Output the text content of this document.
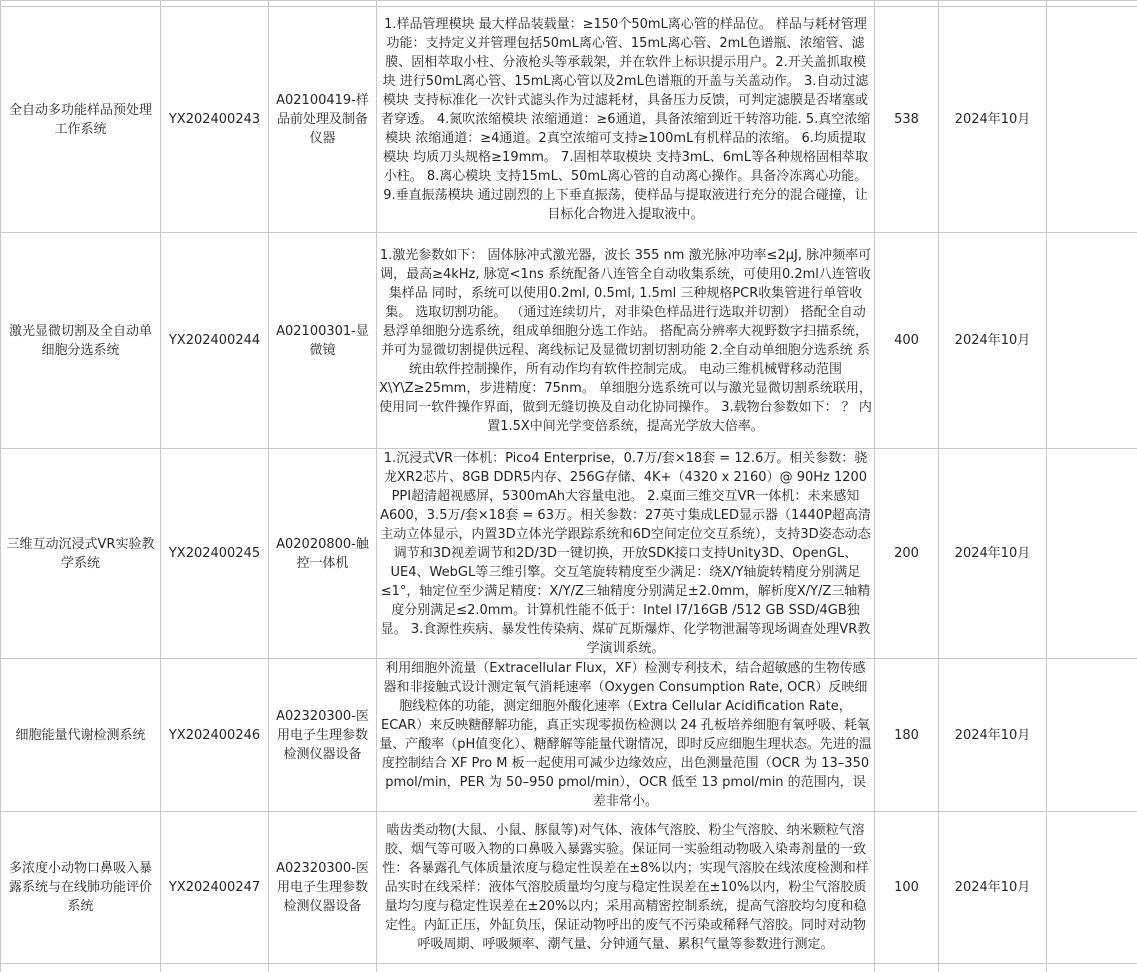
全自动多功能样品预处理工作系统	YX202400243	A02100419-样品前处理及制备仪器	1.样品管理模块 最大样品装载量：≥150个50mL离心管的样品位。 样品与耗材管理功能：支持定义并管理包括50mL离心管、15mL离心管、2mL色谱瓶、浓缩管、滤膜、固相萃取小柱、分液枪头等承载架，并在软件上标识提示用户。2.开关盖抓取模块 进行50mL离心管、15mL离心管以及2mL色谱瓶的开盖与关盖动作。 3.自动过滤模块 支持标准化一次针式滤头作为过滤耗材，具备压力反馈，可判定滤膜是否堵塞或者穿透。 4.氮吹浓缩模块 浓缩通道：≥6通道，具备浓缩到近干转溶功能. 5.真空浓缩模块 浓缩通道：≥4通道。2真空浓缩可支持≥100mL有机样品的浓缩。 6.均质提取模块 均质刀头规格≥19mm。 7.固相萃取模块 支持3mL、6mL等各种规格固相萃取小柱。 8.离心模块 支持15mL、50mL离心管的自动离心操作。具备冷冻离心功能。 9.垂直振荡模块 通过剧烈的上下垂直振荡，使样品与提取液进行充分的混合碰撞，让目标化合物进入提取液中。	538	2024年10月	
激光显微切割及全自动单细胞分选系统	YX202400244	A02100301-显微镜	1.激光参数如下： 固体脉冲式激光器，波长 355 nm 激光脉冲功率≤2μJ, 脉冲频率可调，最高≥4kHz, 脉宽<1ns 系统配备八连管全自动收集系统，可使用0.2ml八连管收集样品 同时，系统可以使用0.2ml, 0.5ml, 1.5ml 三种规格PCR收集管进行单管收集。 选取切割功能。 （通过连续切片，对非染色样品进行选取并切割） 搭配全自动悬浮单细胞分选系统，组成单细胞分选工作站。 搭配高分辨率大视野数字扫描系统，并可为显微切割提供远程、离线标记及显微切割切割功能 2.全自动单细胞分选系统 系统由软件控制操作，所有动作均有软件控制完成。 电动三维机械臂移动范围X\Y\Z≥25mm，步进精度：75nm。 单细胞分选系统可以与激光显微切割系统联用，使用同一软件操作界面，做到无缝切换及自动化协同操作。 3.载物台参数如下： ？ 内置1.5X中间光学变倍系统，提高光学放大倍率。	400	2024年10月	
三维互动沉浸式VR实验教学系统	YX202400245	A02020800-触控一体机	1.沉浸式VR一体机：Pico4 Enterprise，0.7万/套×18套 = 12.6万。相关参数：骁龙XR2芯片、8GB DDR5内存、256G存储、4K+（4320 x 2160）@ 90Hz 1200 PPI超清超视感屏，5300mAh大容量电池。 2.桌面三维交互VR一体机：未来感知A600，3.5万/套×18套 = 63万。相关参数：27英寸集成LED显示器（1440P超高清主动立体显示，内置3D立体光学跟踪系统和6D空间定位交互系统），支持3D姿态动态调节和3D视差调节和2D/3D一键切换，开放SDK接口支持Unity3D、OpenGL、UE4、WebGL等三维引擎。交互笔旋转精度至少满足：绕X/Y轴旋转精度分别满足≤1°，轴定位至少满足精度：X/Y/Z三轴精度分别满足±2.0mm，解析度X/Y/Z三轴精度分别满足≤2.0mm。计算机性能不低于：Intel I7/16GB /512 GB SSD/4GB独显。 3.食源性疾病、暴发性传染病、煤矿瓦斯爆炸、化学物泄漏等现场调查处理VR教学演训系统。	200	2024年10月	
细胞能量代谢检测系统	YX202400246	A02320300-医用电子生理参数检测仪器设备	利用细胞外流量（Extracellular Flux，XF）检测专利技术，结合超敏感的生物传感器和非接触式设计测定氧气消耗速率（Oxygen Consumption Rate, OCR）反映细胞线粒体的功能，测定细胞外酸化速率（Extra Cellular Acidification Rate，ECAR）来反映糖酵解功能，真正实现零损伤检测以 24 孔板培养细胞有氧呼吸、耗氧量、产酸率（pH值变化）、糖酵解等能量代谢情况，即时反应细胞生理状态。先进的温度控制结合 XF Pro M 板一起使用可减少边缘效应，出色测量范围（OCR 为 13–350 pmol/min，PER 为 50–950 pmol/min），OCR 低至 13 pmol/min 的范围内，误差非常小。	180	2024年10月	
多浓度小动物口鼻吸入暴露系统与在线肺功能评价系统	YX202400247	A02320300-医用电子生理参数检测仪器设备	啮齿类动物(大鼠、小鼠、豚鼠等)对气体、液体气溶胶、粉尘气溶胶、纳米颗粒气溶胶、烟气等可吸入物的口鼻吸入暴露实验。保证同一实验组动物吸入染毒剂量的一致性：各暴露孔气体质量浓度与稳定性误差在±8%以内；实现气溶胶在线浓度检测和样品实时在线采样：液体气溶胶质量均匀度与稳定性误差在±10%以内，粉尘气溶胶质量均匀度与稳定性误差在±20%以内；采用高精密控制系统，提高气溶胶均匀度和稳定性。内缸正压，外缸负压，保证动物呼出的废气不污染或稀释气溶胶。同时对动物呼吸周期、呼吸频率、潮气量、分钟通气量、累积气量等参数进行测定。	100	2024年10月	
